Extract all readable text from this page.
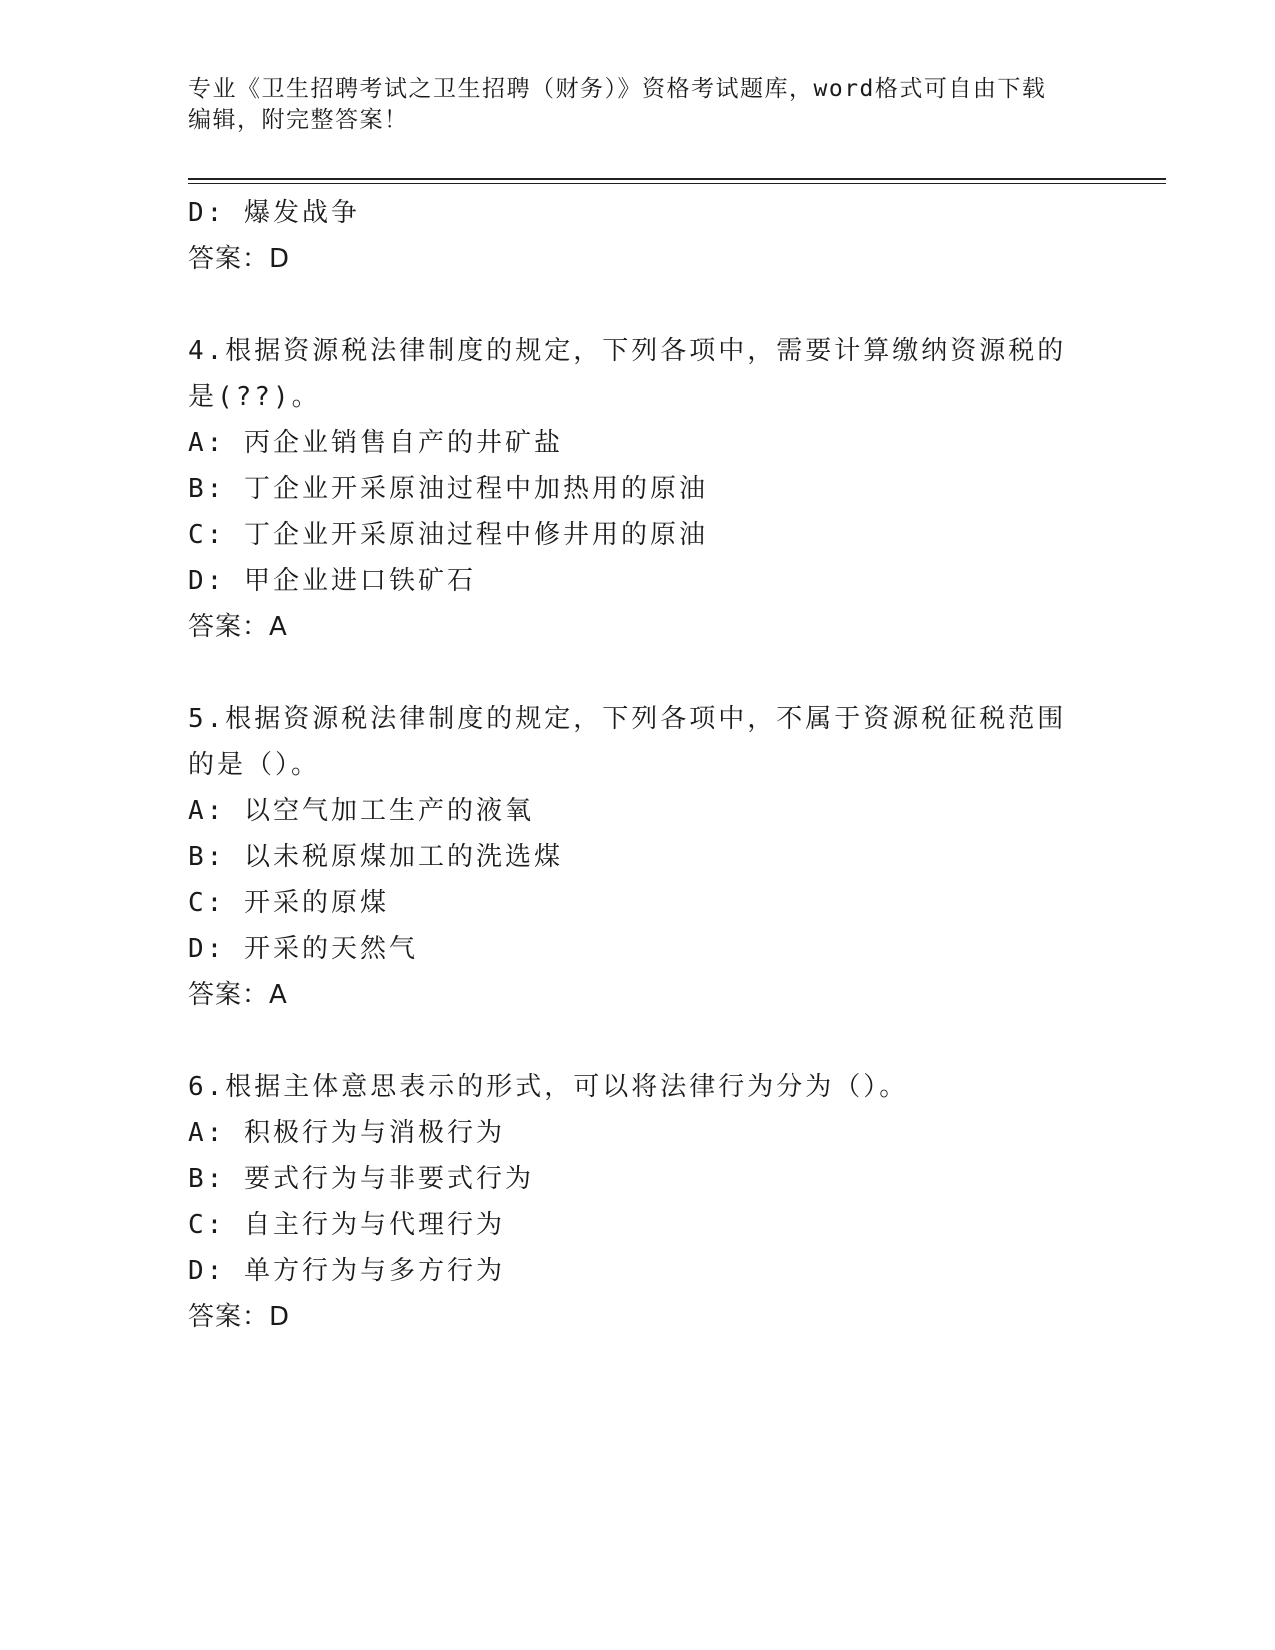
专业《卫生招聘考试之卫生招聘（财务）》资格考试题库，word格式可自由下载
编辑，附完整答案！
D: 爆发战争
答案：D
4.根据资源税法律制度的规定，下列各项中，需要计算缴纳资源税的
是(??)。
A: 丙企业销售自产的井矿盐
B: 丁企业开采原油过程中加热用的原油
C: 丁企业开采原油过程中修井用的原油
D: 甲企业进口铁矿石
答案：A
5.根据资源税法律制度的规定，下列各项中，不属于资源税征税范围
的是（）。
A: 以空气加工生产的液氧
B: 以未税原煤加工的洗选煤
C: 开采的原煤
D: 开采的天然气
答案：A
6.根据主体意思表示的形式，可以将法律行为分为（）。
A: 积极行为与消极行为
B: 要式行为与非要式行为
C: 自主行为与代理行为
D: 单方行为与多方行为
答案：D
